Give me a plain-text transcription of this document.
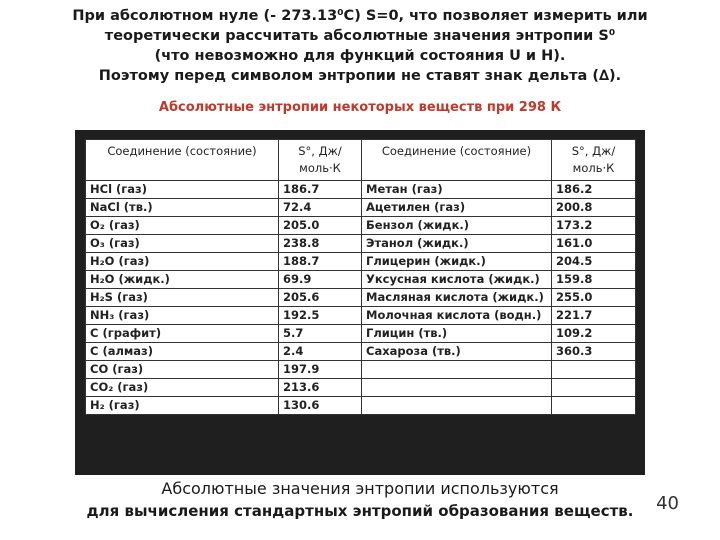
При абсолютном нуле (- 273.13⁰С) S=0, что позволяет измерить или
теоретически рассчитать абсолютные значения энтропии S⁰
(что невозможно для функций состояния U и H).
Поэтому перед символом энтропии не ставят знак дельта (∆).
Абсолютные энтропии некоторых веществ при 298 К
Соединение (состояние)	S°, Дж/моль·К	Соединение (состояние)	S°, Дж/моль·К
HCl (газ)	186.7	Метан (газ)	186.2
NaCl (тв.)	72.4	Ацетилен (газ)	200.8
O₂ (газ)	205.0	Бензол (жидк.)	173.2
O₃ (газ)	238.8	Этанол (жидк.)	161.0
H₂O (газ)	188.7	Глицерин (жидк.)	204.5
H₂O (жидк.)	69.9	Уксусная кислота (жидк.)	159.8
H₂S (газ)	205.6	Масляная кислота (жидк.)	255.0
NH₃ (газ)	192.5	Молочная кислота (водн.)	221.7
С (графит)	5.7	Глицин (тв.)	109.2
С (алмаз)	2.4	Сахароза (тв.)	360.3
CO (газ)	197.9		
CO₂ (газ)	213.6		
H₂ (газ)	130.6		
Абсолютные значения энтропии используются
для вычисления стандартных энтропий образования веществ.	40
